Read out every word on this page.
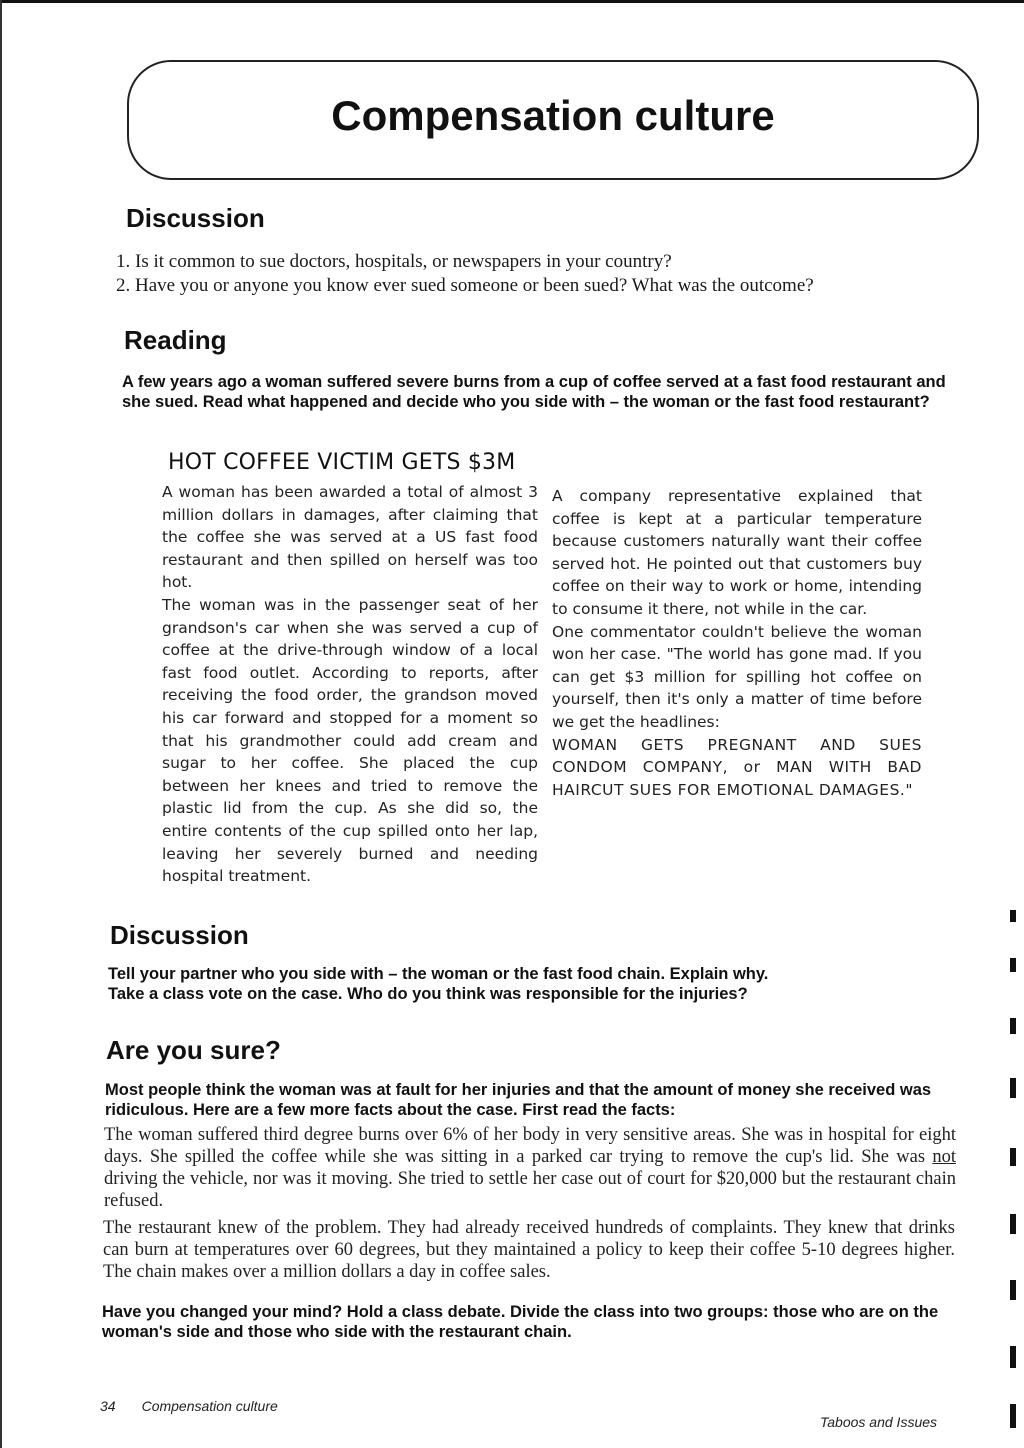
Compensation culture
Discussion
1. Is it common to sue doctors, hospitals, or newspapers in your country?
2. Have you or anyone you know ever sued someone or been sued? What was the outcome?
Reading
A few years ago a woman suffered severe burns from a cup of coffee served at a fast food restaurant and she sued. Read what happened and decide who you side with – the woman or the fast food restaurant?
HOT COFFEE VICTIM GETS $3M

A woman has been awarded a total of almost 3 million dollars in damages, after claiming that the coffee she was served at a US fast food restaurant and then spilled on herself was too hot.

The woman was in the passenger seat of her grandson's car when she was served a cup of coffee at the drive-through window of a local fast food outlet. According to reports, after receiving the food order, the grandson moved his car forward and stopped for a moment so that his grandmother could add cream and sugar to her coffee. She placed the cup between her knees and tried to remove the plastic lid from the cup. As she did so, the entire contents of the cup spilled onto her lap, leaving her severely burned and needing hospital treatment.

A company representative explained that coffee is kept at a particular temperature because customers naturally want their coffee served hot. He pointed out that customers buy coffee on their way to work or home, intending to consume it there, not while in the car.

One commentator couldn't believe the woman won her case. "The world has gone mad. If you can get $3 million for spilling hot coffee on yourself, then it's only a matter of time before we get the headlines:

WOMAN GETS PREGNANT AND SUES CONDOM COMPANY, or MAN WITH BAD HAIRCUT SUES FOR EMOTIONAL DAMAGES."

Discussion
Tell your partner who you side with – the woman or the fast food chain. Explain why.
Take a class vote on the case. Who do you think was responsible for the injuries?
Are you sure?
Most people think the woman was at fault for her injuries and that the amount of money she received was ridiculous. Here are a few more facts about the case. First read the facts:

The woman suffered third degree burns over 6% of her body in very sensitive areas. She was in hospital for eight days. She spilled the coffee while she was sitting in a parked car trying to remove the cup's lid. She was not driving the vehicle, nor was it moving. She tried to settle her case out of court for $20,000 but the restaurant chain refused.

The restaurant knew of the problem. They had already received hundreds of complaints. They knew that drinks can burn at temperatures over 60 degrees, but they maintained a policy to keep their coffee 5-10 degrees higher. The chain makes over a million dollars a day in coffee sales.

Have you changed your mind? Hold a class debate. Divide the class into two groups: those who are on the woman's side and those who side with the restaurant chain.
34 Compensation culture
Taboos and Issues
